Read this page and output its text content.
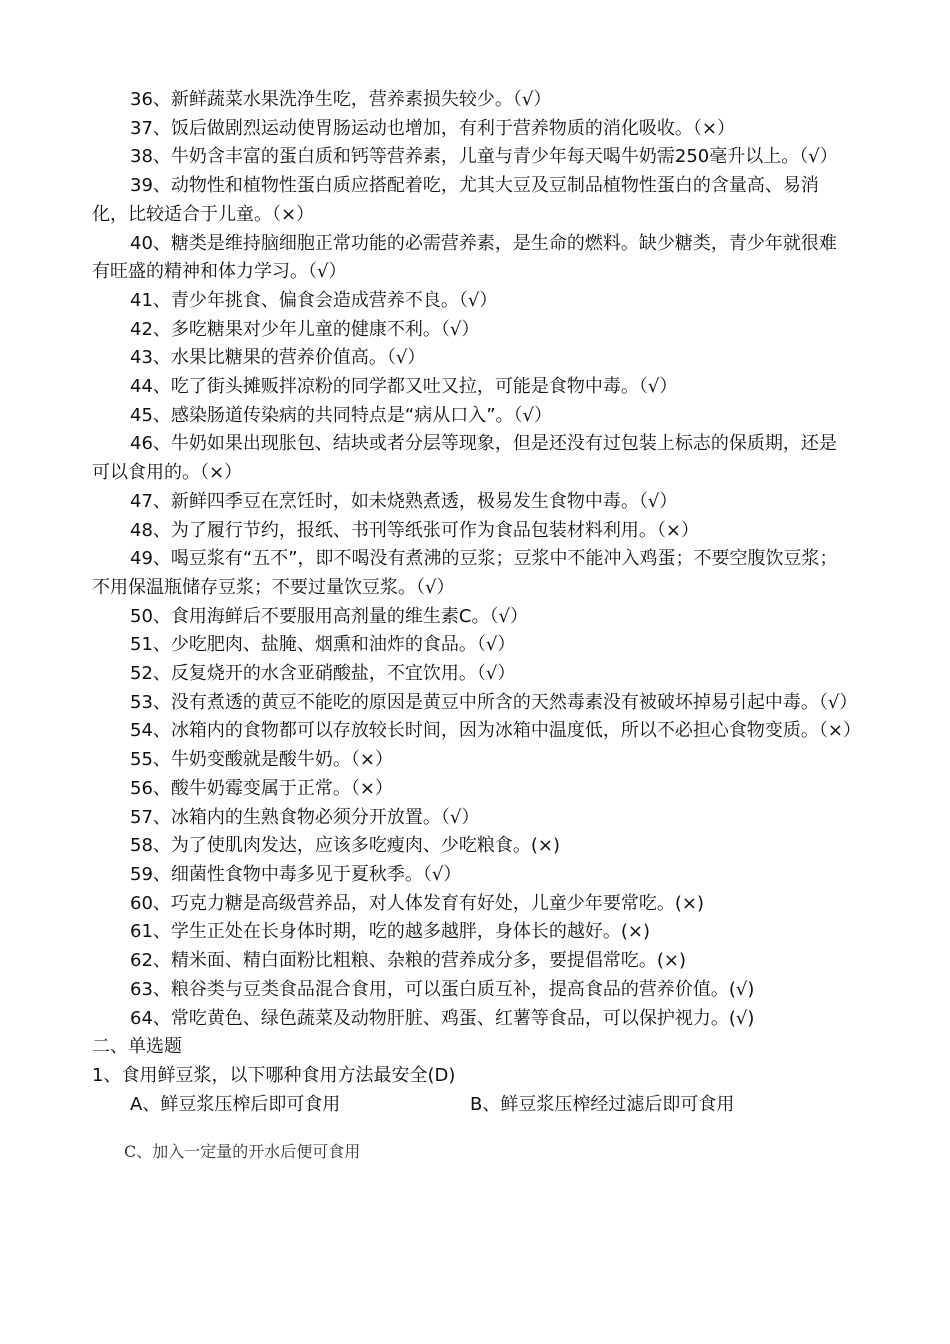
36、新鲜蔬菜水果洗净生吃，营养素损失较少。（√）

37、饭后做剧烈运动使胃肠运动也增加，有利于营养物质的消化吸收。（×）

38、牛奶含丰富的蛋白质和钙等营养素，儿童与青少年每天喝牛奶需250毫升以上。（√）

39、动物性和植物性蛋白质应搭配着吃，尤其大豆及豆制品植物性蛋白的含量高、易消化，比较适合于儿童。（×）

40、糖类是维持脑细胞正常功能的必需营养素，是生命的燃料。缺少糖类，青少年就很难有旺盛的精神和体力学习。（√）

41、青少年挑食、偏食会造成营养不良。（√）

42、多吃糖果对少年儿童的健康不利。（√）

43、水果比糖果的营养价值高。（√）

44、吃了街头摊贩拌凉粉的同学都又吐又拉，可能是食物中毒。（√）

45、感染肠道传染病的共同特点是“病从口入”。（√）

46、牛奶如果出现胀包、结块或者分层等现象，但是还没有过包装上标志的保质期，还是可以食用的。（×）

47、新鲜四季豆在烹饪时，如未烧熟煮透，极易发生食物中毒。（√）

48、为了履行节约，报纸、书刊等纸张可作为食品包装材料利用。（×）

49、喝豆浆有“五不”，即不喝没有煮沸的豆浆；豆浆中不能冲入鸡蛋；不要空腹饮豆浆；不用保温瓶储存豆浆；不要过量饮豆浆。（√）

50、食用海鲜后不要服用高剂量的维生素C。（√）

51、少吃肥肉、盐腌、烟熏和油炸的食品。（√）

52、反复烧开的水含亚硝酸盐，不宜饮用。（√）

53、没有煮透的黄豆不能吃的原因是黄豆中所含的天然毒素没有被破坏掉易引起中毒。（√）

54、冰箱内的食物都可以存放较长时间，因为冰箱中温度低，所以不必担心食物变质。（×）

55、牛奶变酸就是酸牛奶。（×）

56、酸牛奶霉变属于正常。（×）

57、冰箱内的生熟食物必须分开放置。（√）

58、为了使肌肉发达，应该多吃瘦肉、少吃粮食。(×)

59、细菌性食物中毒多见于夏秋季。（√）

60、巧克力糖是高级营养品，对人体发育有好处，儿童少年要常吃。(×)

61、学生正处在长身体时期，吃的越多越胖，身体长的越好。(×)

62、精米面、精白面粉比粗粮、杂粮的营养成分多，要提倡常吃。(×)

63、粮谷类与豆类食品混合食用，可以蛋白质互补，提高食品的营养价值。(√)

64、常吃黄色、绿色蔬菜及动物肝脏、鸡蛋、红薯等食品，可以保护视力。(√)

二、单选题

1、食用鲜豆浆，以下哪种食用方法最安全(D)

A、鲜豆浆压榨后即可食用	B、鲜豆浆压榨经过滤后即可食用

C、加入一定量的开水后便可食用
